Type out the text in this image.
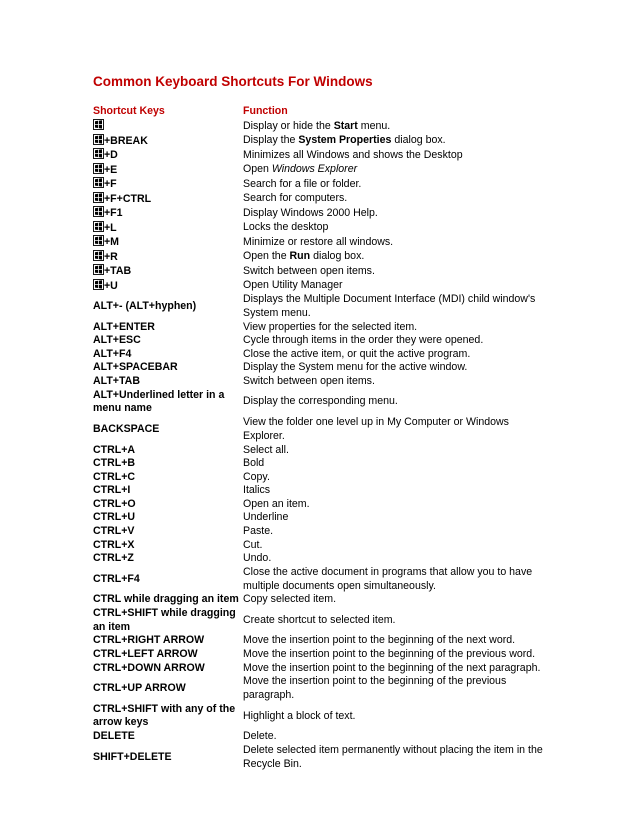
Common Keyboard Shortcuts For Windows
Shortcut Keys	Function

	Display or hide the Start menu.

+BREAK	Display the System Properties dialog box.

+D	Minimizes all Windows and shows the Desktop

+E	Open Windows Explorer

+F	Search for a file or folder.

+F+CTRL	Search for computers.

+F1	Display Windows 2000 Help.

+L	Locks the desktop

+M	Minimize or restore all windows.

+R	Open the Run dialog box.

+TAB	Switch between open items.

+U	Open Utility Manager
ALT+- (ALT+hyphen)	Displays the Multiple Document Interface (MDI) child window's System menu.
ALT+ENTER	View properties for the selected item.
ALT+ESC	Cycle through items in the order they were opened.
ALT+F4	Close the active item, or quit the active program.
ALT+SPACEBAR	Display the System menu for the active window.
ALT+TAB	Switch between open items.
ALT+Underlined letter in a menu name	Display the corresponding menu.
BACKSPACE	View the folder one level up in My Computer or Windows Explorer.
CTRL+A	Select all.
CTRL+B	Bold
CTRL+C	Copy.
CTRL+I	Italics
CTRL+O	Open an item.
CTRL+U	Underline
CTRL+V	Paste.
CTRL+X	Cut.
CTRL+Z	Undo.
CTRL+F4	Close the active document in programs that allow you to have multiple documents open simultaneously.
CTRL while dragging an item	Copy selected item.
CTRL+SHIFT while dragging an item	Create shortcut to selected item.
CTRL+RIGHT ARROW	Move the insertion point to the beginning of the next word.
CTRL+LEFT ARROW	Move the insertion point to the beginning of the previous word.
CTRL+DOWN ARROW	Move the insertion point to the beginning of the next paragraph.
CTRL+UP ARROW	Move the insertion point to the beginning of the previous paragraph.
CTRL+SHIFT with any of the arrow keys	Highlight a block of text.
DELETE	Delete.
SHIFT+DELETE	Delete selected item permanently without placing the item in the Recycle Bin.
